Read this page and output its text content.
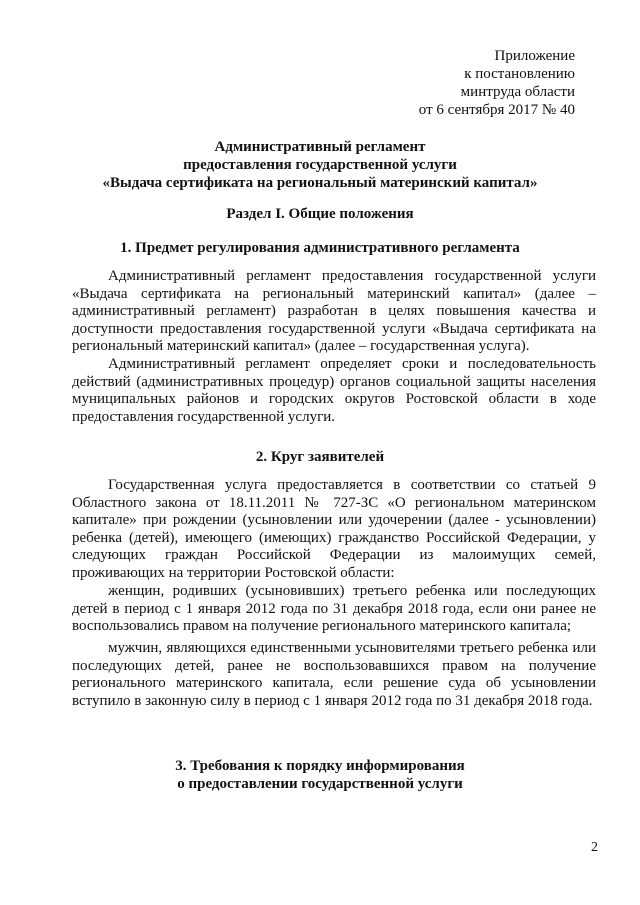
Приложение
к постановлению
минтруда области
от 6 сентября 2017 № 40
Административный регламент
предоставления государственной услуги
«Выдача сертификата на региональный материнский капитал»
Раздел I. Общие положения
1. Предмет регулирования административного регламента

Административный регламент предоставления государственной услуги «Выдача сертификата на региональный материнский капитал» (далее – административный регламент) разработан в целях повышения качества и доступности предоставления государственной услуги «Выдача сертификата на региональный материнский капитал» (далее – государственная услуга).

Административный регламент определяет сроки и последовательность действий (административных процедур) органов социальной защиты населения муниципальных районов и городских округов Ростовской области в ходе предоставления государственной услуги.

2. Круг заявителей

Государственная услуга предоставляется в соответствии со статьей 9 Областного закона от 18.11.2011 № 727-ЗС «О региональном материнском капитале» при рождении (усыновлении или удочерении (далее - усыновлении) ребенка (детей), имеющего (имеющих) гражданство Российской Федерации, у следующих граждан Российской Федерации из малоимущих семей, проживающих на территории Ростовской области:

женщин, родивших (усыновивших) третьего ребенка или последующих детей в период с 1 января 2012 года по 31 декабря 2018 года, если они ранее не воспользовались правом на получение регионального материнского капитала;

мужчин, являющихся единственными усыновителями третьего ребенка или последующих детей, ранее не воспользовавшихся правом на получение регионального материнского капитала, если решение суда об усыновлении вступило в законную силу в период с 1 января 2012 года по 31 декабря 2018 года.

3. Требования к порядку информирования
о предоставлении государственной услуги
2
